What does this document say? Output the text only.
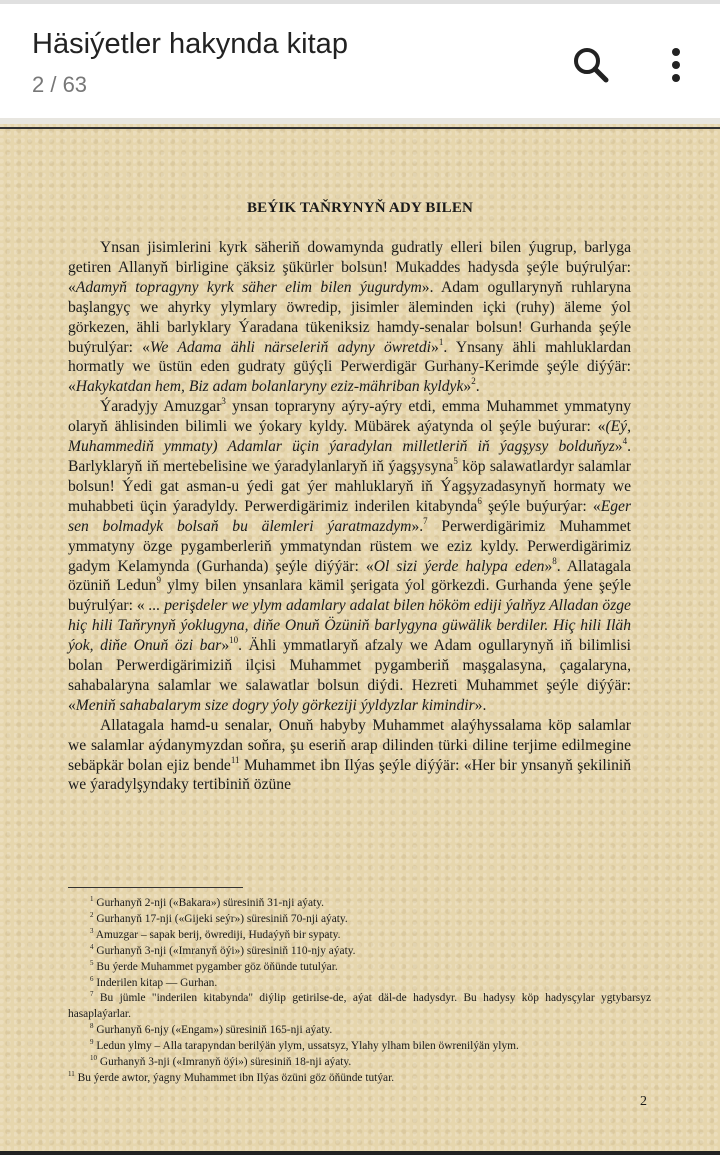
Häsiýetler hakynda kitap
2 / 63
BEÝIK TAŇRYNYŇ ADY BILEN

Ynsan jisimlerini kyrk säheriň dowamynda gudratly elleri bilen ýugrup, barlyga getiren Allanyň birligine çäksiz şükürler bolsun! Mukaddes hadysda şeýle buýrulýar: «Adamyň topragyny kyrk säher elim bilen ýugurdym». Adam ogullarynyň ruhlaryna başlangyç we ahyrky ylymlary öwredip, jisimler äleminden içki (ruhy) äleme ýol görkezen, ähli barlyklary Ýaradana tükeniksiz hamdy-senalar bolsun! Gurhanda şeýle buýrulýar: «We Adama ähli närseleriň adyny öwretdi»$^1$. Ynsany ähli mahluklardan hormatly we üstün eden gudraty güýçli Perwerdigär Gurhany-Kerimde şeýle diýýär: «Hakykatdan hem, Biz adam bolanlaryny eziz-mähriban kyldyk»$^2$.

Ýaradyjy Amuzgar$^3$ ynsan topraryny aýry-aýry etdi, emma Muhammet ymmatyny olaryň ählisinden bilimli we ýokary kyldy. Mübärek aýatynda ol şeýle buýurar: «(Eý, Muhammediň ymmaty) Adamlar üçin ýaradylan milletleriň iň ýagşysy bolduňyz»$^4$. Barlyklaryň iň mertebelisine we ýaradylanlaryň iň ýagşysyna$^5$ köp salawatlardyr salamlar bolsun! Ýedi gat asman-u ýedi gat ýer mahluklaryň iň Ýagşyzadasynyň hormaty we muhabbeti üçin ýaradyldy. Perwerdigärimiz inderilen kitabynda$^6$ şeýle buýurýar: «Eger sen bolmadyk bolsaň bu älemleri ýaratmazdym».$^7$ Perwerdigärimiz Muhammet ymmatyny özge pygamberleriň ymmatyndan rüstem we eziz kyldy. Perwerdigärimiz gadym Kelamynda (Gurhanda) şeýle diýýär: «Ol sizi ýerde halypa eden»$^8$. Allatagala özüniň Ledun$^9$ ylmy bilen ynsanlara kämil şerigata ýol görkezdi. Gurhanda ýene şeýle buýrulýar: « ... perişdeler we ylym adamlary adalat bilen hököm ediji ýalňyz Alladan özge hiç hili Taňrynyň ýoklugyna, diňe Onuň Özüniň barlygyna güwälik berdiler. Hiç hili Iläh ýok, diňe Onuň özi bar»$^{10}$. Ähli ymmatlaryň afzaly we Adam ogullarynyň iň bilimlisi bolan Perwerdigärimiziň ilçisi Muhammet pygamberiň maşgalasyna, çagalaryna, sahabalaryna salamlar we salawatlar bolsun diýdi. Hezreti Muhammet şeýle diýýär: «Meniň sahabalarym size dogry ýoly görkeziji ýyldyzlar kimindir».

Allatagala hamd-u senalar, Onuň habyby Muhammet alaýhyssalama köp salamlar we salamlar aýdanymyzdan soňra, şu eseriň arap dilinden türki diline terjime edilmegine sebäpkär bolan ejiz bende$^{11}$ Muhammet ibn Ilýas şeýle diýýär: «Her bir ynsanyň şekiliniň we ýaradylşyndaky tertibiniň özüne

$^1$ Gurhanyň 2-nji («Bakara») süresiniň 31-nji aýaty.
$^2$ Gurhanyň 17-nji («Gijeki seýr») süresiniň 70-nji aýaty.
$^3$ Amuzgar – sapak berij, öwrediji, Hudaýyň bir sypaty.
$^4$ Gurhanyň 3-nji («Imranyň öýi») süresiniň 110-njy aýaty.
$^5$ Bu ýerde Muhammet pygamber göz öňünde tutulýar.
$^6$ Inderilen kitap — Gurhan.
$^7$ Bu jümle "inderilen kitabynda" diýlip getirilse-de, aýat däl-de hadysdyr. Bu hadysy köp hadysçylar ygtybarsyz hasaplaýarlar.
$^8$ Gurhanyň 6-njy («Engam») süresiniň 165-nji aýaty.
$^9$ Ledun ylmy – Alla tarapyndan berilýän ylym, ussatsyz, Ylahy ylham bilen öwrenilýän ylym.
$^{10}$ Gurhanyň 3-nji («Imranyň öýi») süresiniň 18-nji aýaty.
$^{11}$ Bu ýerde awtor, ýagny Muhammet ibn Ilýas özüni göz öňünde tutýar.
2
